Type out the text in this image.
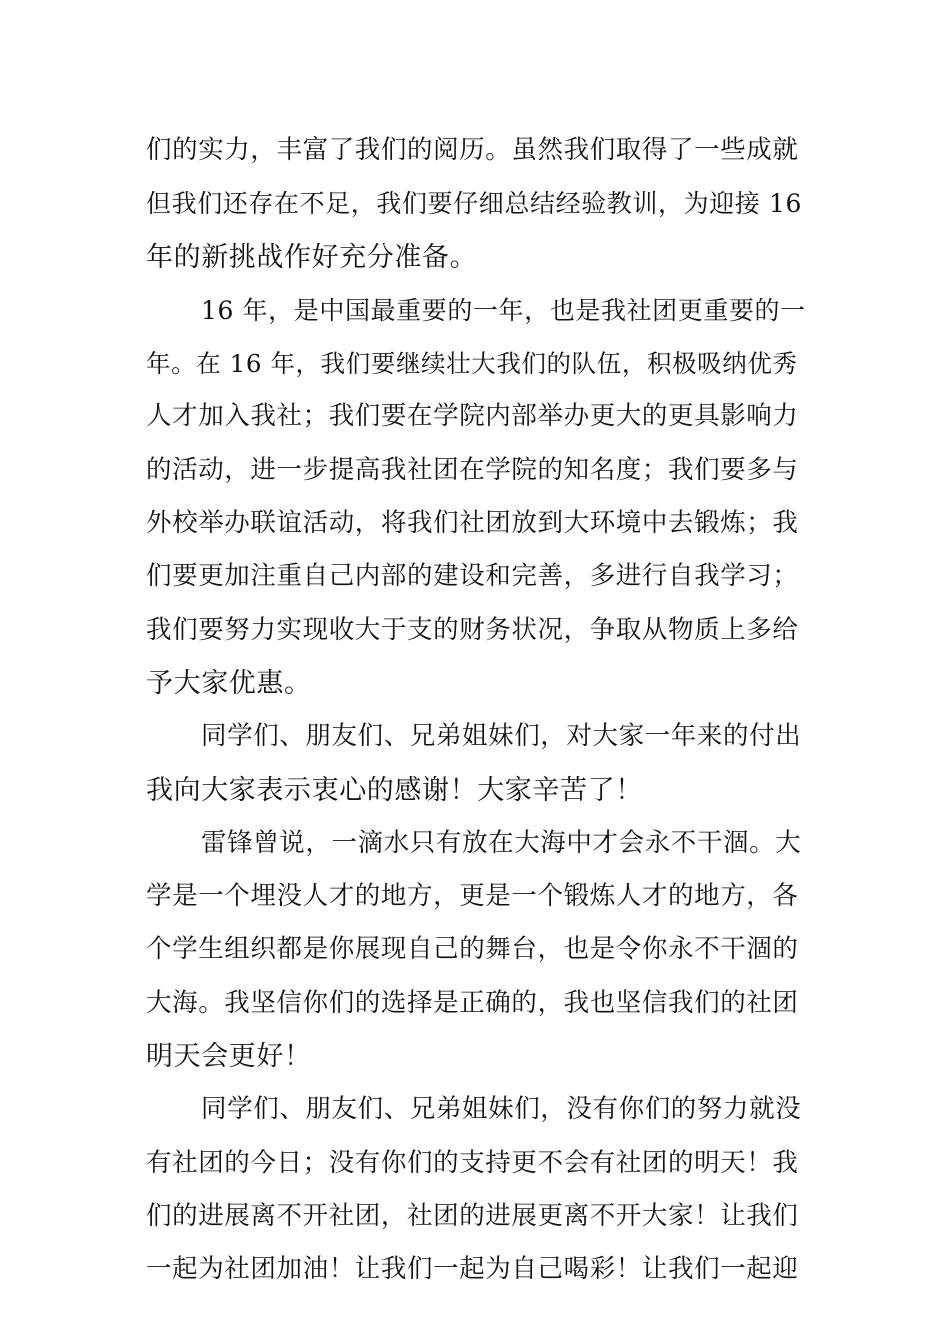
们的实力，丰富了我们的阅历。虽然我们取得了一些成就
但我们还存在不足，我们要仔细总结经验教训，为迎接 16
年的新挑战作好充分准备。
16 年，是中国最重要的一年，也是我社团更重要的一
年。在 16 年，我们要继续壮大我们的队伍，积极吸纳优秀
人才加入我社；我们要在学院内部举办更大的更具影响力
的活动，进一步提高我社团在学院的知名度；我们要多与
外校举办联谊活动，将我们社团放到大环境中去锻炼；我
们要更加注重自己内部的建设和完善，多进行自我学习；
我们要努力实现收大于支的财务状况，争取从物质上多给
予大家优惠。
同学们、朋友们、兄弟姐妹们，对大家一年来的付出
我向大家表示衷心的感谢！大家辛苦了！
雷锋曾说，一滴水只有放在大海中才会永不干涸。大
学是一个埋没人才的地方，更是一个锻炼人才的地方，各
个学生组织都是你展现自己的舞台，也是令你永不干涸的
大海。我坚信你们的选择是正确的，我也坚信我们的社团
明天会更好！
同学们、朋友们、兄弟姐妹们，没有你们的努力就没
有社团的今日；没有你们的支持更不会有社团的明天！我
们的进展离不开社团，社团的进展更离不开大家！让我们
一起为社团加油！让我们一起为自己喝彩！让我们一起迎
